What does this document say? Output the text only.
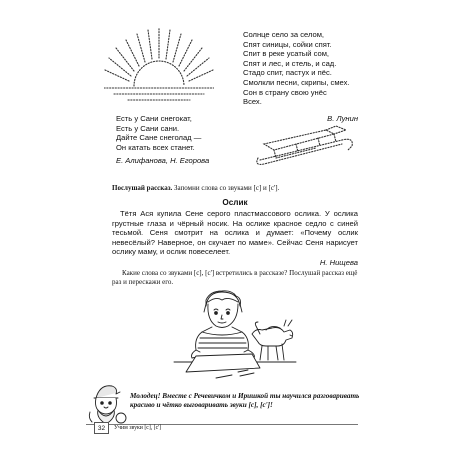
Солнце село за селом,

Спят синицы, сойки спят.

Спит в реке усатый сом,

Спят и лес, и стель, и сад.

Стадо спит, пастух и пёс.

Смолкли песни, скрипы, смех.

Сон в страну свою унёс

Всех.

Есть у Сани снегокат,

Есть у Сани сани.

Дайте Сане снеголад —

Он катать всех станет.

В. Лунин
Е. Алифанова, Н. Егорова
Послушай рассказ. Запомни слова со звуками [с] и [с'].
Ослик

Тётя Ася купила Сене серого пластмассового ослика. У ослика грустные глаза и чёрный носик. На ослике красное седло с синей тесьмой. Сеня смотрит на ослика и думает: «Почему ослик невесёлый? Наверное, он скучает по маме». Сейчас Сеня нарисует ослику маму, и ослик повеселеет.

Н. Нищева

Какие слова со звуками [с], [с'] встретились в рассказе? Послушай рассказ ещё раз и перескажи его.

Молодец! Вместе с Речевичком и Иришкой ты научился разговаривать красиво и чётко выговаривать звуки [с], [с']!

32	Учим звуки [с], [с']
